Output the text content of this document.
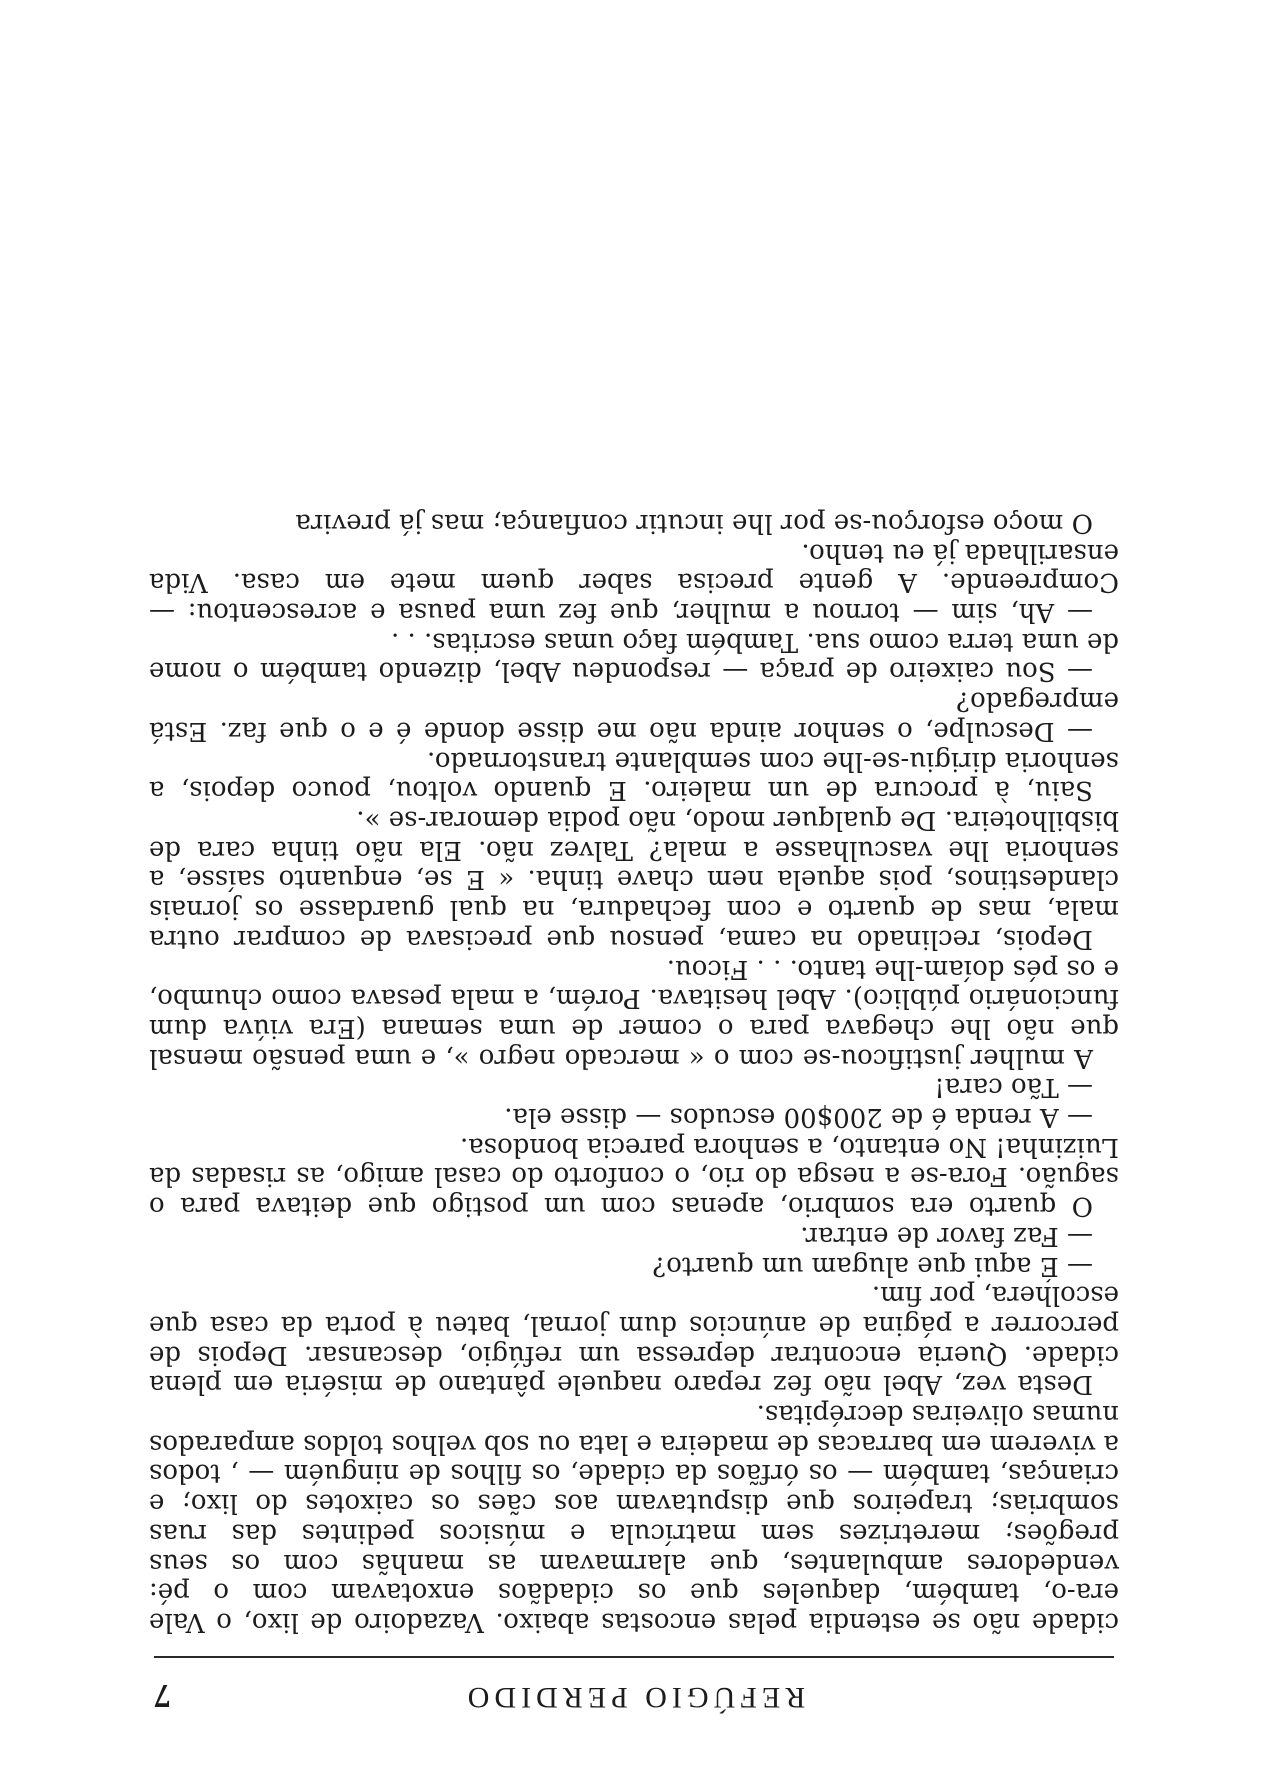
REFÚGIO PERDIDO
7

cidade não se estendia pelas encostas abaixo. Vazadoiro de lixo, o Vale era-o, também, daqueles que os cidadãos enxotavam com o pé: vendedores ambulantes, que alarmavam as manhãs com os seus pregões; meretrizes sem matrícula e músicos pedintes das ruas sombrias; trapeiros que disputavam aos cães os caixotes do lixo; e crianças, também — os órfãos da cidade, os filhos de ninguém — , todos a viverem em barracas de madeira e lata ou sob velhos toldos amparados numas oliveiras decrépitas.

Desta vez, Abel não fez reparo naquele pântano de miséria em plena cidade. Queria encontrar depressa um refúgio, descansar. Depois de percorrer a página de anúncios dum jornal, bateu à porta da casa que escolhera, por fim.

— É aqui que alugam um quarto?

— Faz favor de entrar.

O quarto era sombrio, apenas com um postigo que deitava para o saguão. Fora-se a nesga do rio, o conforto do casal amigo, as risadas da Luizinha! No entanto, a senhora parecia bondosa.

— A renda é de 200$00 escudos — disse ela.

— Tão cara!

A mulher justificou-se com o « mercado negro », e uma pensão mensal que não lhe chegava para o comer de uma semana (Era viúva dum funcionário público). Abel hesitava. Porém, a mala pesava como chumbo, e os pés doíam-lhe tanto. . . Ficou.

Depois, reclinado na cama, pensou que precisava de comprar outra mala, mas de quarto e com fechadura, na qual guardasse os jornais clandestinos, pois aquela nem chave tinha. « E se, enquanto saísse, a senhoria lhe vasculhasse a mala? Talvez não. Ela não tinha cara de bisbilhoteira. De qualquer modo, não podia demorar-se ».

Saiu, à procura de um maleiro. E quando voltou, pouco depois, a senhoria dirigiu-se-lhe com semblante transtornado.

— Desculpe, o senhor ainda não me disse donde é e o que faz. Está empregado?

— Sou caixeiro de praça — respondeu Abel, dizendo também o nome de uma terra como sua. Também faço umas escritas. . .

— Ah, sim — tornou a mulher, que fez uma pausa e acrescentou: — Compreende. A gente precisa saber quem mete em casa. Vida ensarilhada já eu tenho.

O moço esforçou-se por lhe incutir confiança; mas já previra
